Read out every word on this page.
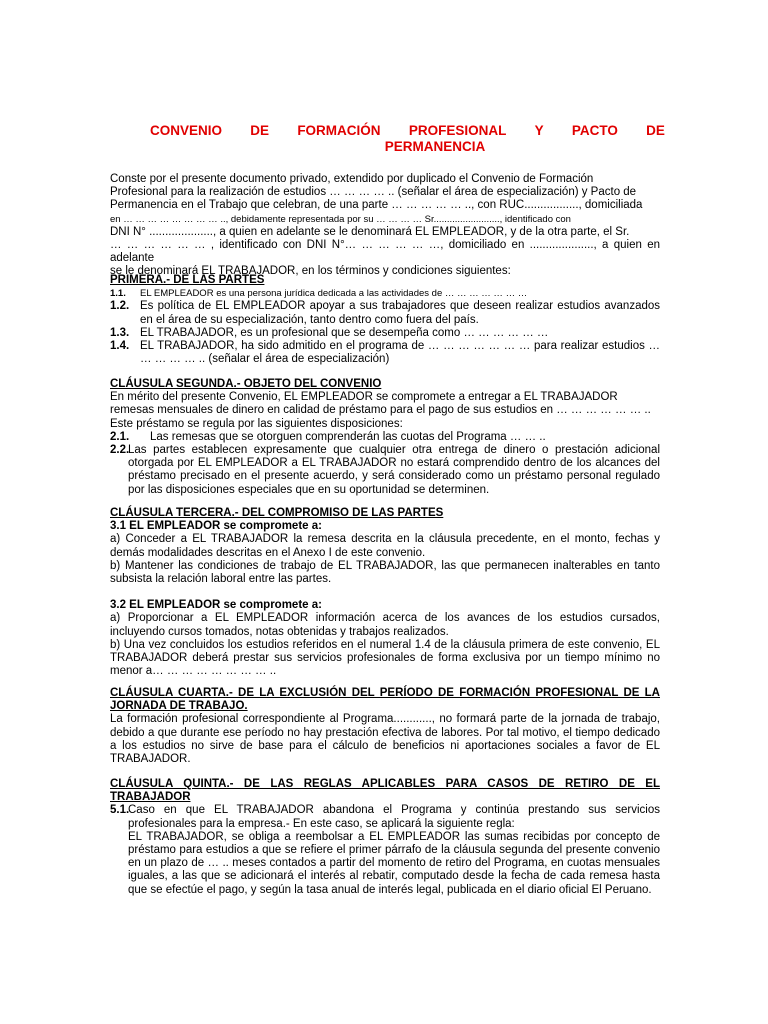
CONVENIO DE FORMACIÓN PROFESIONAL Y PACTO DE
PERMANENCIA
Conste por el presente documento privado, extendido por duplicado el Convenio de Formación
Profesional para la realización de estudios … … … … .. (señalar el área de especialización) y Pacto de
Permanencia en el Trabajo que celebran, de una parte … … … … … .., con RUC................., domiciliada
en … … … … … … … … .., debidamente representada por su … … … … Sr........................., identificado con
DNI N° ...................., a quien en adelante se le denominará EL EMPLEADOR, y de la otra parte, el Sr.
… … … … … … , identificado con DNI N°… … … … … …, domiciliado en ...................., a quien en adelante
se le denominará EL TRABAJADOR, en los términos y condiciones siguientes:
PRIMERA.- DE LAS PARTES
1.1.	EL EMPLEADOR es una persona jurídica dedicada a las actividades de … … … … … … …
1.2. Es política de EL EMPLEADOR apoyar a sus trabajadores que deseen realizar estudios avanzados en el área de su especialización, tanto dentro como fuera del país.
1.3. EL TRABAJADOR, es un profesional que se desempeña como … … … … … …
1.4. EL TRABAJADOR, ha sido admitido en el programa de … … … … … … … para realizar estudios … … … … … .. (señalar el área de especialización)
CLÁUSULA SEGUNDA.- OBJETO DEL CONVENIO
En mérito del presente Convenio, EL EMPLEADOR se compromete a entregar a EL TRABAJADOR
remesas mensuales de dinero en calidad de préstamo para el pago de sus estudios en … … … … … … ..
Este préstamo se regula por las siguientes disposiciones:
2.1.	Las remesas que se otorguen comprenderán las cuotas del Programa … … ..
2.2.
Las partes establecen expresamente que cualquier otra entrega de dinero o prestación adicional otorgada por EL EMPLEADOR a EL TRABAJADOR no estará comprendido dentro de los alcances del préstamo precisado en el presente acuerdo, y será considerado como un préstamo personal regulado por las disposiciones especiales que en su oportunidad se determinen.
CLÁUSULA TERCERA.- DEL COMPROMISO DE LAS PARTES
3.1 EL EMPLEADOR se compromete a:
a) Conceder a EL TRABAJADOR la remesa descrita en la cláusula precedente, en el monto, fechas y demás modalidades descritas en el Anexo I de este convenio.
b) Mantener las condiciones de trabajo de EL TRABAJADOR, las que permanecen inalterables en tanto subsista la relación laboral entre las partes.
3.2 EL EMPLEADOR se compromete a:
a) Proporcionar a EL EMPLEADOR información acerca de los avances de los estudios cursados, incluyendo cursos tomados, notas obtenidas y trabajos realizados.
b) Una vez concluidos los estudios referidos en el numeral 1.4 de la cláusula primera de este convenio, EL TRABAJADOR deberá prestar sus servicios profesionales de forma exclusiva por un tiempo mínimo no menor a… … … … … … … … ..
CLÁUSULA CUARTA.- DE LA EXCLUSIÓN DEL PERÍODO DE FORMACIÓN PROFESIONAL DE LA JORNADA DE TRABAJO.
La formación profesional correspondiente al Programa............, no formará parte de la jornada de trabajo, debido a que durante ese período no hay prestación efectiva de labores. Por tal motivo, el tiempo dedicado a los estudios no sirve de base para el cálculo de beneficios ni aportaciones sociales a favor de EL TRABAJADOR.
CLÁUSULA QUINTA.- DE LAS REGLAS APLICABLES PARA CASOS DE RETIRO DE EL TRABAJADOR
5.1.
Caso en que EL TRABAJADOR abandona el Programa y continúa prestando sus servicios profesionales para la empresa.- En este caso, se aplicará la siguiente regla:
EL TRABAJADOR, se obliga a reembolsar a EL EMPLEADOR las sumas recibidas por concepto de préstamo para estudios a que se refiere el primer párrafo de la cláusula segunda del presente convenio en un plazo de … .. meses contados a partir del momento de retiro del Programa, en cuotas mensuales iguales, a las que se adicionará el interés al rebatir, computado desde la fecha de cada remesa hasta que se efectúe el pago, y según la tasa anual de interés legal, publicada en el diario oficial El Peruano.
